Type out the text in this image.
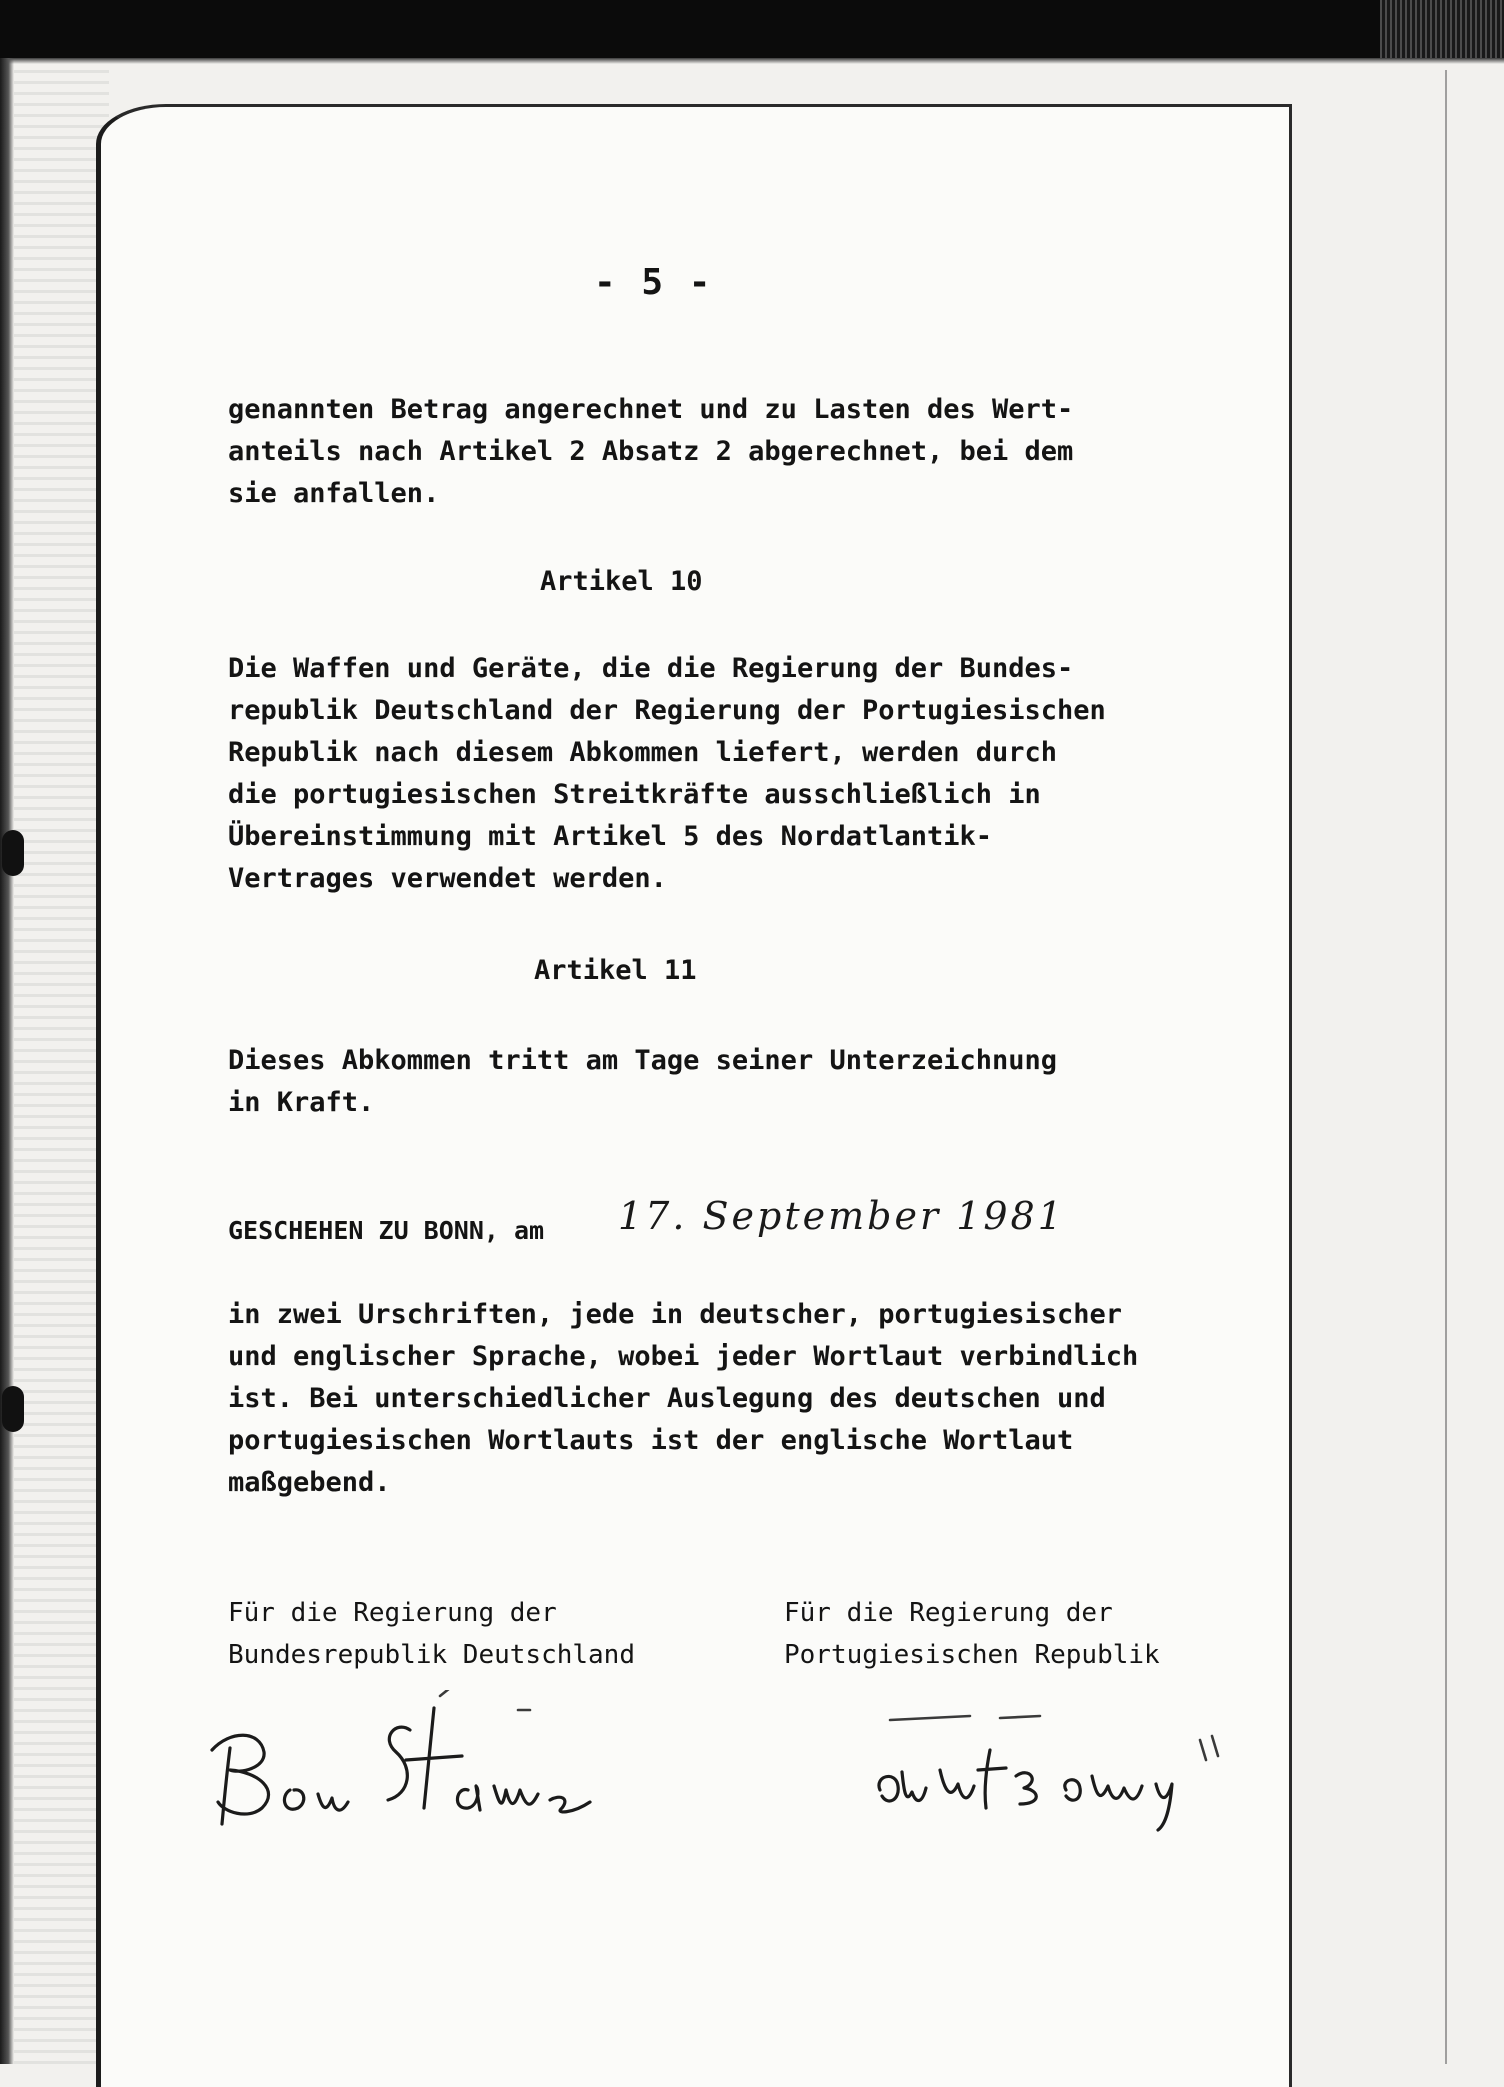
- 5 -
genannten Betrag angerechnet und zu Lasten des Wert-
anteils nach Artikel 2 Absatz 2 abgerechnet, bei dem
sie anfallen.
Artikel 10
Die Waffen und Geräte, die die Regierung der Bundes-
republik Deutschland der Regierung der Portugiesischen
Republik nach diesem Abkommen liefert, werden durch
die portugiesischen Streitkräfte ausschließlich in
Übereinstimmung mit Artikel 5 des Nordatlantik-
Vertrages verwendet werden.
Artikel 11
Dieses Abkommen tritt am Tage seiner Unterzeichnung
in Kraft.
GESCHEHEN ZU BONN, am 17. September 1981
in zwei Urschriften, jede in deutscher, portugiesischer
und englischer Sprache, wobei jeder Wortlaut verbindlich
ist. Bei unterschiedlicher Auslegung des deutschen und
portugiesischen Wortlauts ist der englische Wortlaut
maßgebend.
Für die Regierung der
Bundesrepublik Deutschland
Für die Regierung der
Portugiesischen Republik
